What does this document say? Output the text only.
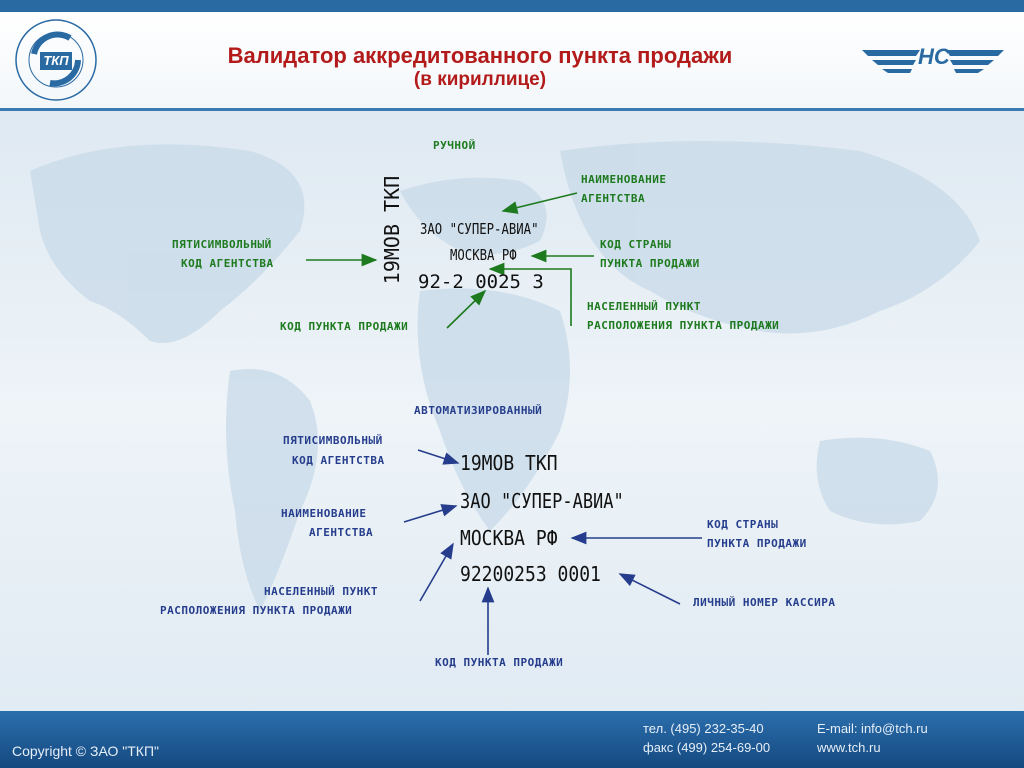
ТКП	Валидатор аккредитованного пункта продажи
(в кириллице)
НС
РУЧНОЙ
19МОВ ТКП ЗАО "СУПЕР-АВИА"
МОСКВА РФ
92-2 0025 3
НАИМЕНОВАНИЕ
АГЕНТСТВА
ПЯТИСИМВОЛЬНЫЙ
КОД АГЕНТСТВА
КОД СТРАНЫ
ПУНКТА ПРОДАЖИ
НАСЕЛЕННЫЙ ПУНКТ
РАСПОЛОЖЕНИЯ ПУНКТА ПРОДАЖИ
КОД ПУНКТА ПРОДАЖИ
АВТОМАТИЗИРОВАННЫЙ
19МОВ ТКП
ЗАО "СУПЕР-АВИА"
МОСКВА РФ
92200253 0001
ПЯТИСИМВОЛЬНЫЙ
КОД АГЕНТСТВА
НАИМЕНОВАНИЕ
АГЕНТСТВА
КОД СТРАНЫ
ПУНКТА ПРОДАЖИ
НАСЕЛЕННЫЙ ПУНКТ
РАСПОЛОЖЕНИЯ ПУНКТА ПРОДАЖИ
ЛИЧНЫЙ НОМЕР КАССИРА
КОД ПУНКТА ПРОДАЖИ
Copyright © ЗАО "ТКП"
тел. (495) 232-35-40
факс (499) 254-69-00
E-mail: info@tch.ru
www.tch.ru
